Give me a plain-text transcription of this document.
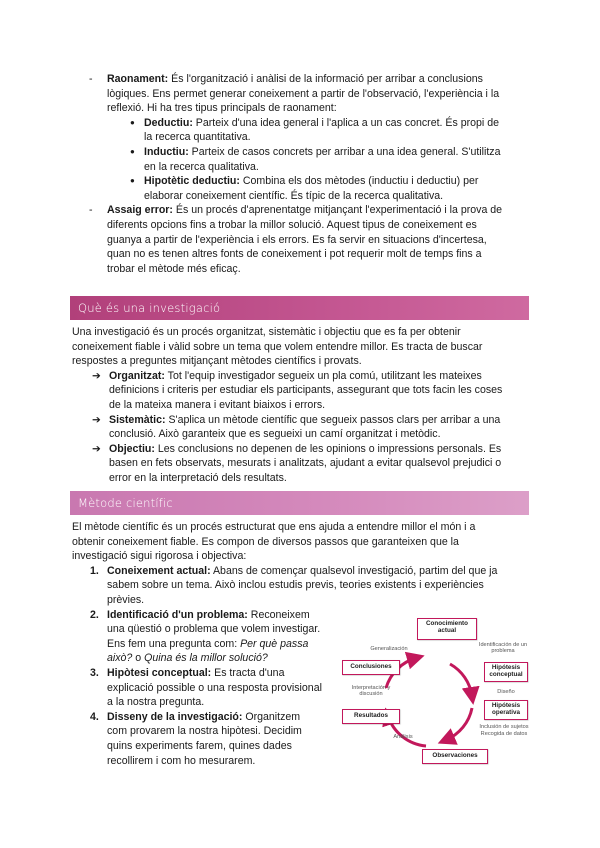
- Raonament: És l'organització i anàlisi de la informació per arribar a conclusions
lògiques. Ens permet generar coneixement a partir de l'observació, l'experiència i la
reflexió. Hi ha tres tipus principals de raonament:
● Deductiu: Parteix d'una idea general i l'aplica a un cas concret. És propi de
la recerca quantitativa.
● Inductiu: Parteix de casos concrets per arribar a una idea general. S'utilitza
en la recerca qualitativa.
● Hipotètic deductiu: Combina els dos mètodes (inductiu i deductiu) per
elaborar coneixement científic. És típic de la recerca qualitativa.
- Assaig error: És un procés d'aprenentatge mitjançant l'experimentació i la prova de
diferents opcions fins a trobar la millor solució. Aquest tipus de coneixement es
guanya a partir de l'experiència i els errors. Es fa servir en situacions d'incertesa,
quan no es tenen altres fonts de coneixement i pot requerir molt de temps fins a
trobar el mètode més eficaç.
Què és una investigació
Una investigació és un procés organitzat, sistemàtic i objectiu que es fa per obtenir
coneixement fiable i vàlid sobre un tema que volem entendre millor. Es tracta de buscar
respostes a preguntes mitjançant mètodes científics i provats.
➔ Organitzat: Tot l'equip investigador segueix un pla comú, utilitzant les mateixes
definicions i criteris per estudiar els participants, assegurant que tots facin les coses
de la mateixa manera i evitant biaixos i errors.
➔ Sistemàtic: S'aplica un mètode científic que segueix passos clars per arribar a una
conclusió. Això garanteix que es segueixi un camí organitzat i metòdic.
➔ Objectiu: Les conclusions no depenen de les opinions o impressions personals. Es
basen en fets observats, mesurats i analitzats, ajudant a evitar qualsevol prejudici o
error en la interpretació dels resultats.
Mètode científic
El mètode científic és un procés estructurat que ens ajuda a entendre millor el món i a
obtenir coneixement fiable. Es compon de diversos passos que garanteixen que la
investigació sigui rigorosa i objectiva:
1. Coneixement actual: Abans de començar qualsevol investigació, partim del que ja
sabem sobre un tema. Això inclou estudis previs, teories existents i experiències
prèvies.
2. Identificació d'un problema: Reconeixem
una qüestió o problema que volem investigar.
Ens fem una pregunta com: Per què passa
això? o Quina és la millor solució?
3. Hipòtesi conceptual: Es tracta d'una
explicació possible o una resposta provisional
a la nostra pregunta.
4. Disseny de la investigació: Organitzem
com provarem la nostra hipòtesi. Decidim
quins experiments farem, quines dades
recollirem i com ho mesurarem.
Conocimiento actual
Conclusiones	Hipótesis conceptual
Hipótesis operativa
Resultados
Observaciones
Generalización
Identificación de un problema
Interpretación y discusión	Diseño
Análisis
Inclusión de sujetos
Recogida de datos
